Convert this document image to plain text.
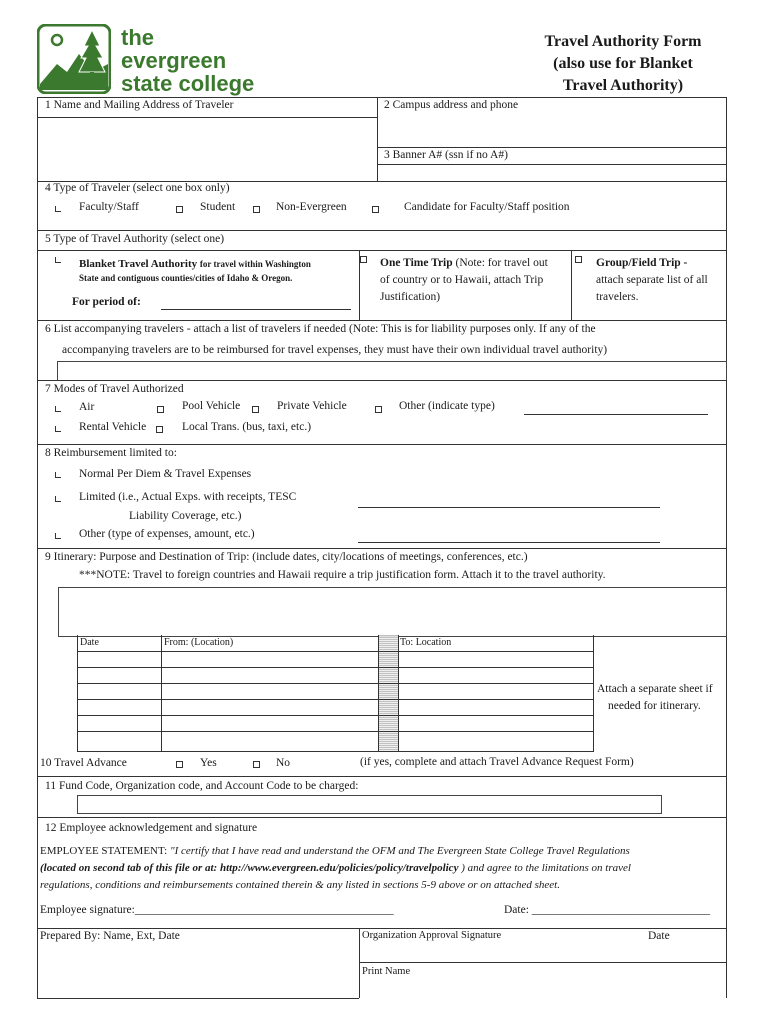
the
evergreen
state college
Travel Authority Form
(also use for Blanket
Travel Authority)
1 Name and Mailing Address of Traveler	2 Campus address and phone
3 Banner A# (ssn if no A#)
4 Type of Traveler (select one box only)
Faculty/Staff	Student	Non-Evergreen	Candidate for Faculty/Staff position
5 Type of Travel Authority (select one)
Blanket Travel Authority for travel within Washington
State and contiguous counties/cities of Idaho & Oregon.
For period of:
One Time Trip (Note: for travel out
of country or to Hawaii, attach Trip
Justification)
Group/Field Trip -
attach separate list of all
travelers.
6 List accompanying travelers - attach a list of travelers if needed (Note: This is for liability purposes only. If any of the
accompanying travelers are to be reimbursed for travel expenses, they must have their own individual travel authority)
7 Modes of Travel Authorized
Air	Pool Vehicle	Private Vehicle	Other (indicate type)
Rental Vehicle	Local Trans. (bus, taxi, etc.)
8 Reimbursement limited to:
Normal Per Diem & Travel Expenses
Limited (i.e., Actual Exps. with receipts, TESC
Liability Coverage, etc.)
Other (type of expenses, amount, etc.)
9 Itinerary: Purpose and Destination of Trip: (include dates, city/locations of meetings, conferences, etc.)
***NOTE: Travel to foreign countries and Hawaii require a trip justification form. Attach it to the travel authority.
Date	From: (Location)	To: Location
Attach a separate sheet if
needed for itinerary.
10 Travel Advance	Yes	No	(if yes, complete and attach Travel Advance Request Form)
11 Fund Code, Organization code, and Account Code to be charged:
12 Employee acknowledgement and signature
EMPLOYEE STATEMENT: "I certify that I have read and understand the OFM and The Evergreen State College Travel Regulations
(located on second tab of this file or at: http://www.evergreen.edu/policies/policy/travelpolicy ) and agree to the limitations on travel
regulations, conditions and reimbursements contained therein & any listed in sections 5-9 above or on attached sheet.
Employee signature:_____________________________________________	Date: _______________________________
Prepared By: Name, Ext, Date	Organization Approval Signature	Date
Print Name
